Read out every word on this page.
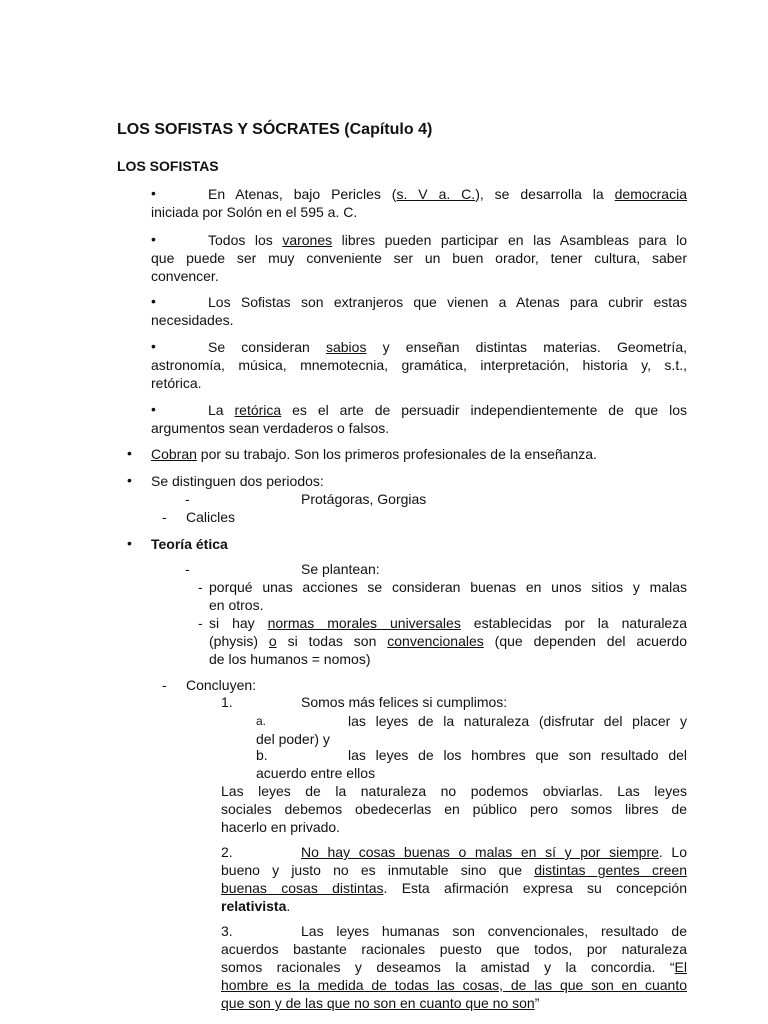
LOS SOFISTAS Y SÓCRATES (Capítulo 4)
LOS SOFISTAS
•	En Atenas, bajo Pericles (s. V a. C.), se desarrolla la democracia
iniciada por Solón en el 595 a. C.
•	Todos los varones libres pueden participar en las Asambleas para lo
que puede ser muy conveniente ser un buen orador, tener cultura, saber
convencer.
•	Los Sofistas son extranjeros que vienen a Atenas para cubrir estas
necesidades.
•	Se consideran sabios y enseñan distintas materias. Geometría,
astronomía, música, mnemotecnia, gramática, interpretación, historia y, s.t.,
retórica.
•	La retórica es el arte de persuadir independientemente de que los
argumentos sean verdaderos o falsos.
• Cobran por su trabajo. Son los primeros profesionales de la enseñanza.
• Se distinguen dos periodos:
-	Protágoras, Gorgias
- Calicles
• Teoría ética
-	Se plantean:
- porqué unas acciones se consideran buenas en unos sitios y malas
en otros.
- si hay normas morales universales establecidas por la naturaleza
(physis) o si todas son convencionales (que dependen del acuerdo
de los humanos = nomos)
- Concluyen:
1.	Somos más felices si cumplimos:
a.	las leyes de la naturaleza (disfrutar del placer y
del poder) y
b.	las leyes de los hombres que son resultado del
acuerdo entre ellos
Las leyes de la naturaleza no podemos obviarlas. Las leyes
sociales debemos obedecerlas en público pero somos libres de
hacerlo en privado.
2.	No hay cosas buenas o malas en sí y por siempre. Lo
bueno y justo no es inmutable sino que distintas gentes creen
buenas cosas distintas. Esta afirmación expresa su concepción
relativista.
3.	Las leyes humanas son convencionales, resultado de
acuerdos bastante racionales puesto que todos, por naturaleza
somos racionales y deseamos la amistad y la concordia. “El
hombre es la medida de todas las cosas, de las que son en cuanto
que son y de las que no son en cuanto que no son”
